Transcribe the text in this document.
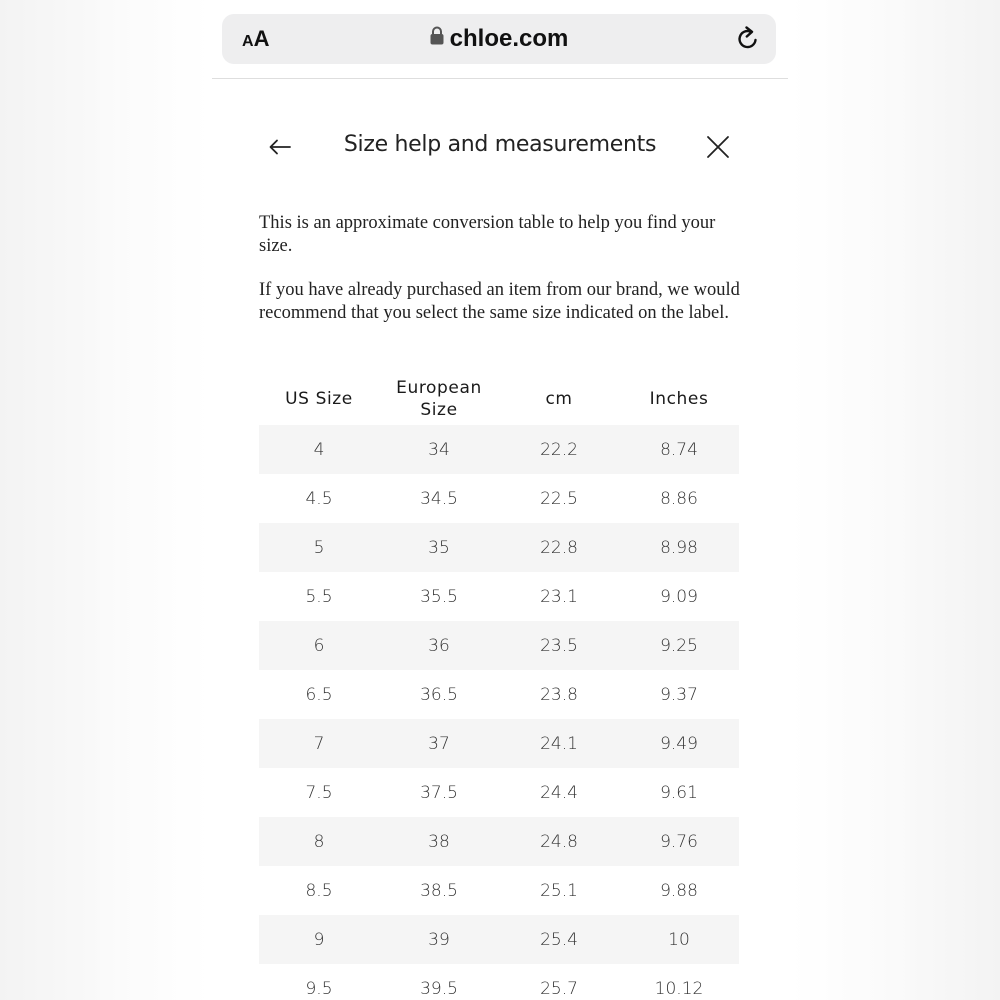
AA	chloe.com
Size help and measurements

This is an approximate conversion table to help you find your size.

If you have already purchased an item from our brand, we would recommend that you select the same size indicated on the label.

US Size	European Size	cm	Inches
4	34	22.2	8.74
4.5	34.5	22.5	8.86
5	35	22.8	8.98
5.5	35.5	23.1	9.09
6	36	23.5	9.25
6.5	36.5	23.8	9.37
7	37	24.1	9.49
7.5	37.5	24.4	9.61
8	38	24.8	9.76
8.5	38.5	25.1	9.88
9	39	25.4	10
9.5	39.5	25.7	10.12
